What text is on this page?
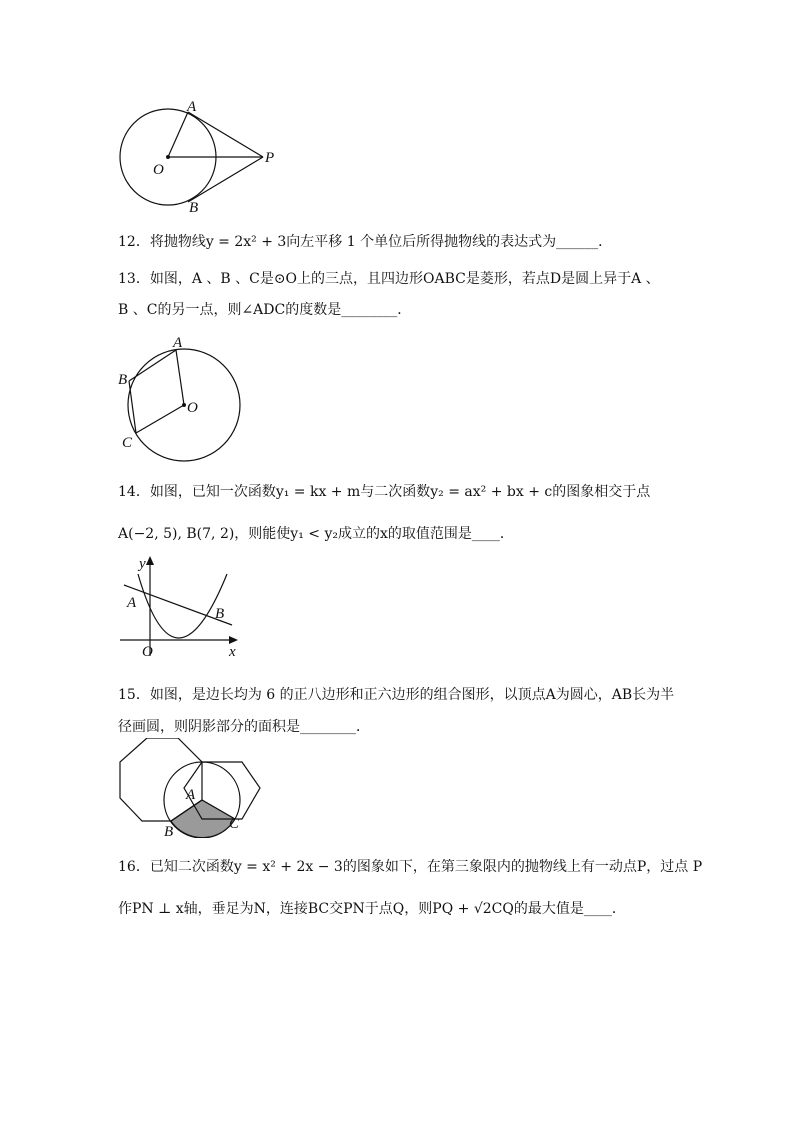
A
O
P
B
12．将抛物线y = 2x² + 3向左平移 1 个单位后所得抛物线的表达式为______．
13．如图，A 、B 、C是⊙O上的三点，且四边形OABC是菱形，若点D是圆上异于A 、
B 、C的另一点，则∠ADC的度数是________．
A
B
O
C
14．如图，已知一次函数y₁ = kx + m与二次函数y₂ = ax² + bx + c的图象相交于点
A(−2, 5), B(7, 2)，则能使y₁ < y₂成立的x的取值范围是____．
y
A
B
O	x
15．如图，是边长均为 6 的正八边形和正六边形的组合图形，以顶点A为圆心，AB长为半
径画圆，则阴影部分的面积是________．
A
B	C
16．已知二次函数y = x² + 2x − 3的图象如下，在第三象限内的抛物线上有一动点P，过点 P
作PN ⊥ x轴，垂足为N，连接BC交PN于点Q，则PQ + √2CQ的最大值是____．
